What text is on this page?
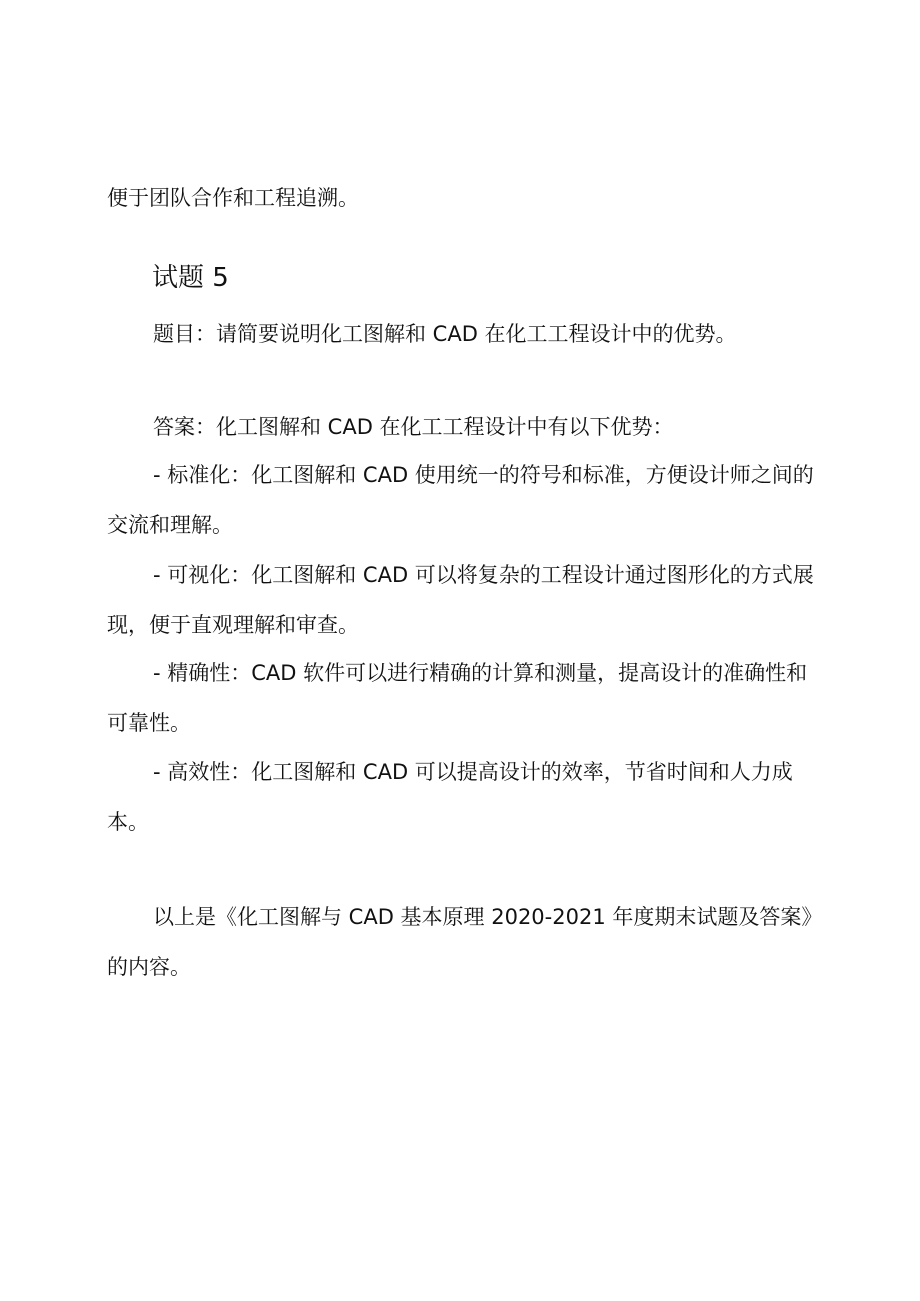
便于团队合作和工程追溯。

试题 5

题目：请简要说明化工图解和 CAD 在化工工程设计中的优势。

答案：化工图解和 CAD 在化工工程设计中有以下优势：

- 标准化：化工图解和 CAD 使用统一的符号和标准，方便设计师之间的交流和理解。

- 可视化：化工图解和 CAD 可以将复杂的工程设计通过图形化的方式展现，便于直观理解和审查。

- 精确性：CAD 软件可以进行精确的计算和测量，提高设计的准确性和可靠性。

- 高效性：化工图解和 CAD 可以提高设计的效率，节省时间和人力成本。

以上是《化工图解与 CAD 基本原理 2020-2021 年度期末试题及答案》的内容。
